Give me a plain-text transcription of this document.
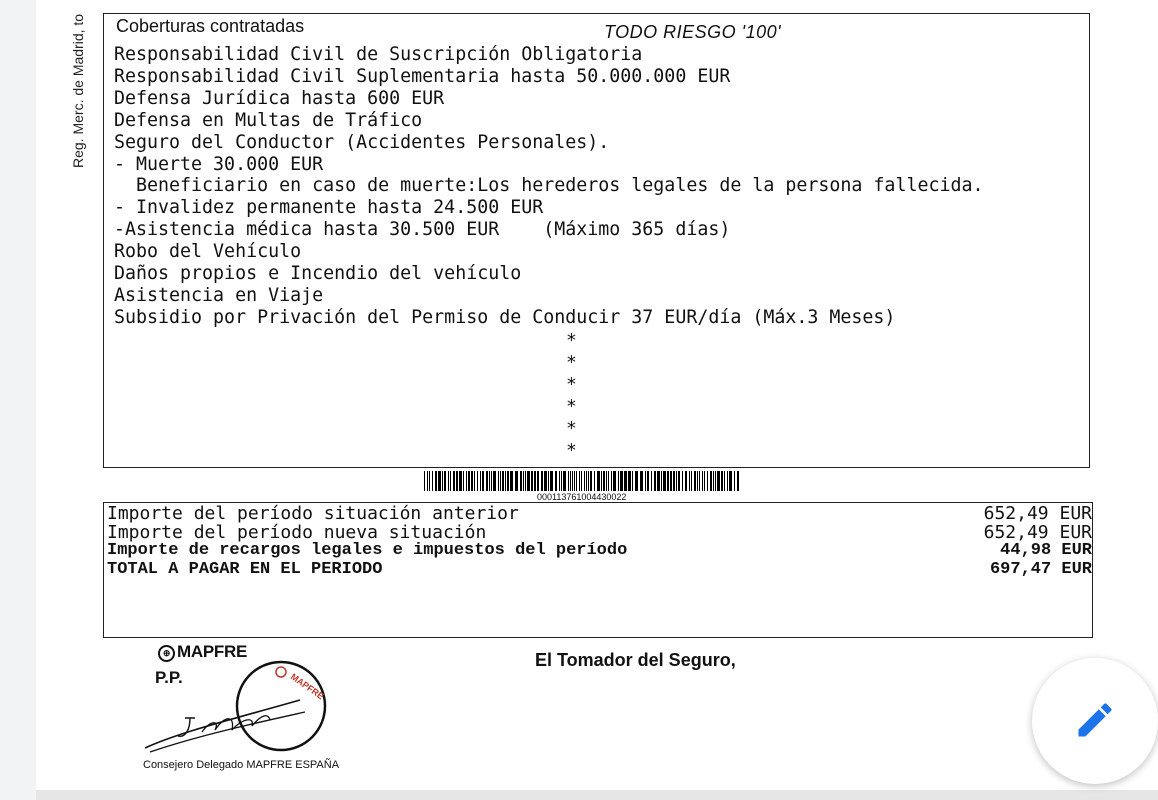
Reg. Merc. de Madrid, to Coberturas contratadas	TODO RIESGO '100'
Responsabilidad Civil de Suscripción Obligatoria
Responsabilidad Civil Suplementaria hasta 50.000.000 EUR
Defensa Jurídica hasta 600 EUR
Defensa en Multas de Tráfico
Seguro del Conductor (Accidentes Personales).
- Muerte 30.000 EUR
Beneficiario en caso de muerte:Los herederos legales de la persona fallecida.
- Invalidez permanente hasta 24.500 EUR
-Asistencia médica hasta 30.500 EUR    (Máximo 365 días)
Robo del Vehículo
Daños propios e Incendio del vehículo
Asistencia en Viaje
Subsidio por Privación del Permiso de Conducir 37 EUR/día (Máx.3 Meses)
*
*
*
*
*
*
00011376100443002​2
Importe del período situación anterior	652,49 EUR
Importe del período nueva situación	652,49 EUR
Importe de recargos legales e impuestos del período	44,98 EUR
TOTAL A PAGAR EN EL PERIODO	697,47 EUR
⊕ MAPFRE
P.P.	MAPFRE
Consejero Delegado MAPFRE ESPAÑA
El Tomador del Seguro,
